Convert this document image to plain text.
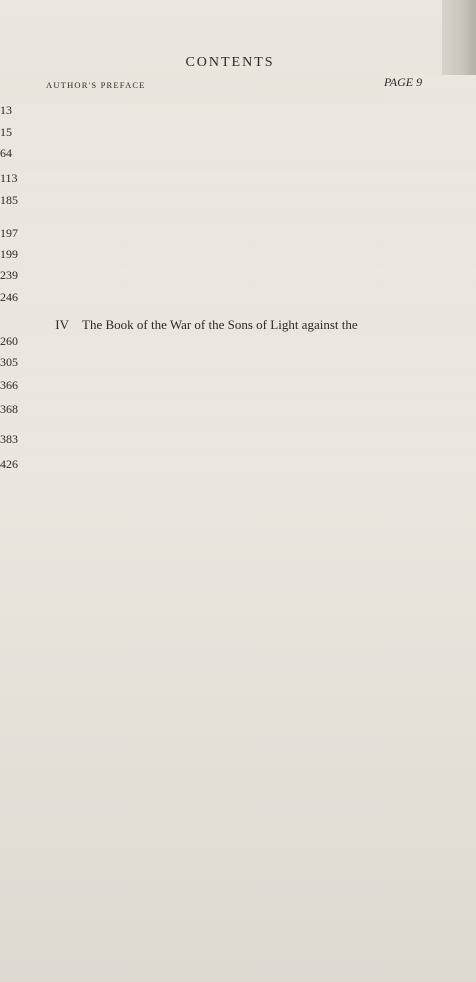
CONTENTS
AUTHOR'S PREFACE	PAGE 9
13
15
64
113
185
197
199
239
246
IV The Book of the War of the Sons of Light against the
260
305
366
368
383
426
